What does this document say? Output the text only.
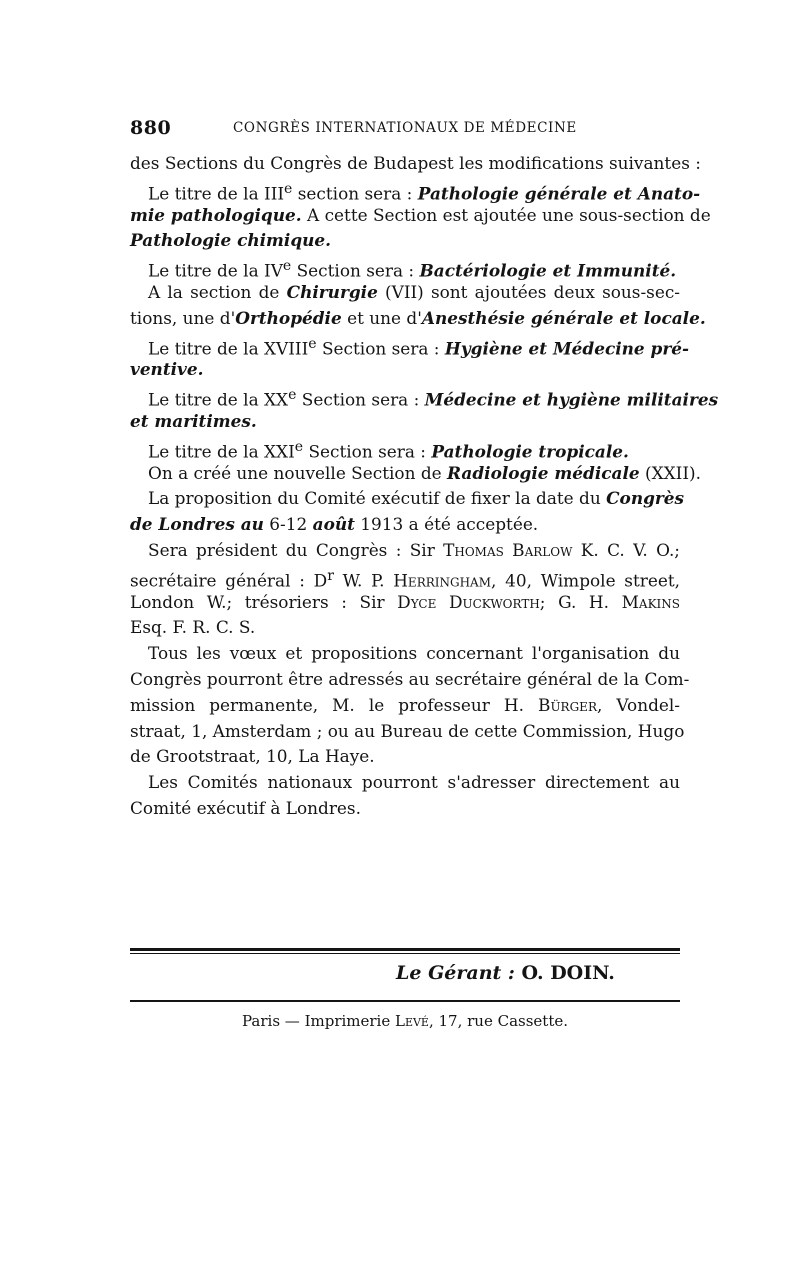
880	CONGRÈS INTERNATIONAUX DE MÉDECINE
des Sections du Congrès de Budapest les modifications suivantes :
Le titre de la IIIe section sera : Pathologie générale et Anato-
mie pathologique. A cette Section est ajoutée une sous-section de
Pathologie chimique.
Le titre de la IVe Section sera : Bactériologie et Immunité.
A la section de Chirurgie (VII) sont ajoutées deux sous-sec-
tions, une d'Orthopédie et une d'Anesthésie générale et locale.
Le titre de la XVIIIe Section sera : Hygiène et Médecine pré-
ventive.
Le titre de la XXe Section sera : Médecine et hygiène militaires
et maritimes.
Le titre de la XXIe Section sera : Pathologie tropicale.
On a créé une nouvelle Section de Radiologie médicale (XXII).
La proposition du Comité exécutif de fixer la date du Congrès
de Londres au 6-12 août 1913 a été acceptée.
Sera président du Congrès : Sir Thomas Barlow K. C. V. O.;
secrétaire général : $D^r$ W. P. Herringham, 40, Wimpole street,
London W.; trésoriers : Sir Dyce Duckworth; G. H. Makins
Esq. F. R. C. S.
Tous les vœux et propositions concernant l'organisation du
Congrès pourront être adressés au secrétaire général de la Com-
mission permanente, M. le professeur H. Bürger, Vondel-
straat, 1, Amsterdam ; ou au Bureau de cette Commission, Hugo
de Grootstraat, 10, La Haye.
Les Comités nationaux pourront s'adresser directement au
Comité exécutif à Londres.
Le Gérant : O. DOIN.
Paris — Imprimerie Levé, 17, rue Cassette.
